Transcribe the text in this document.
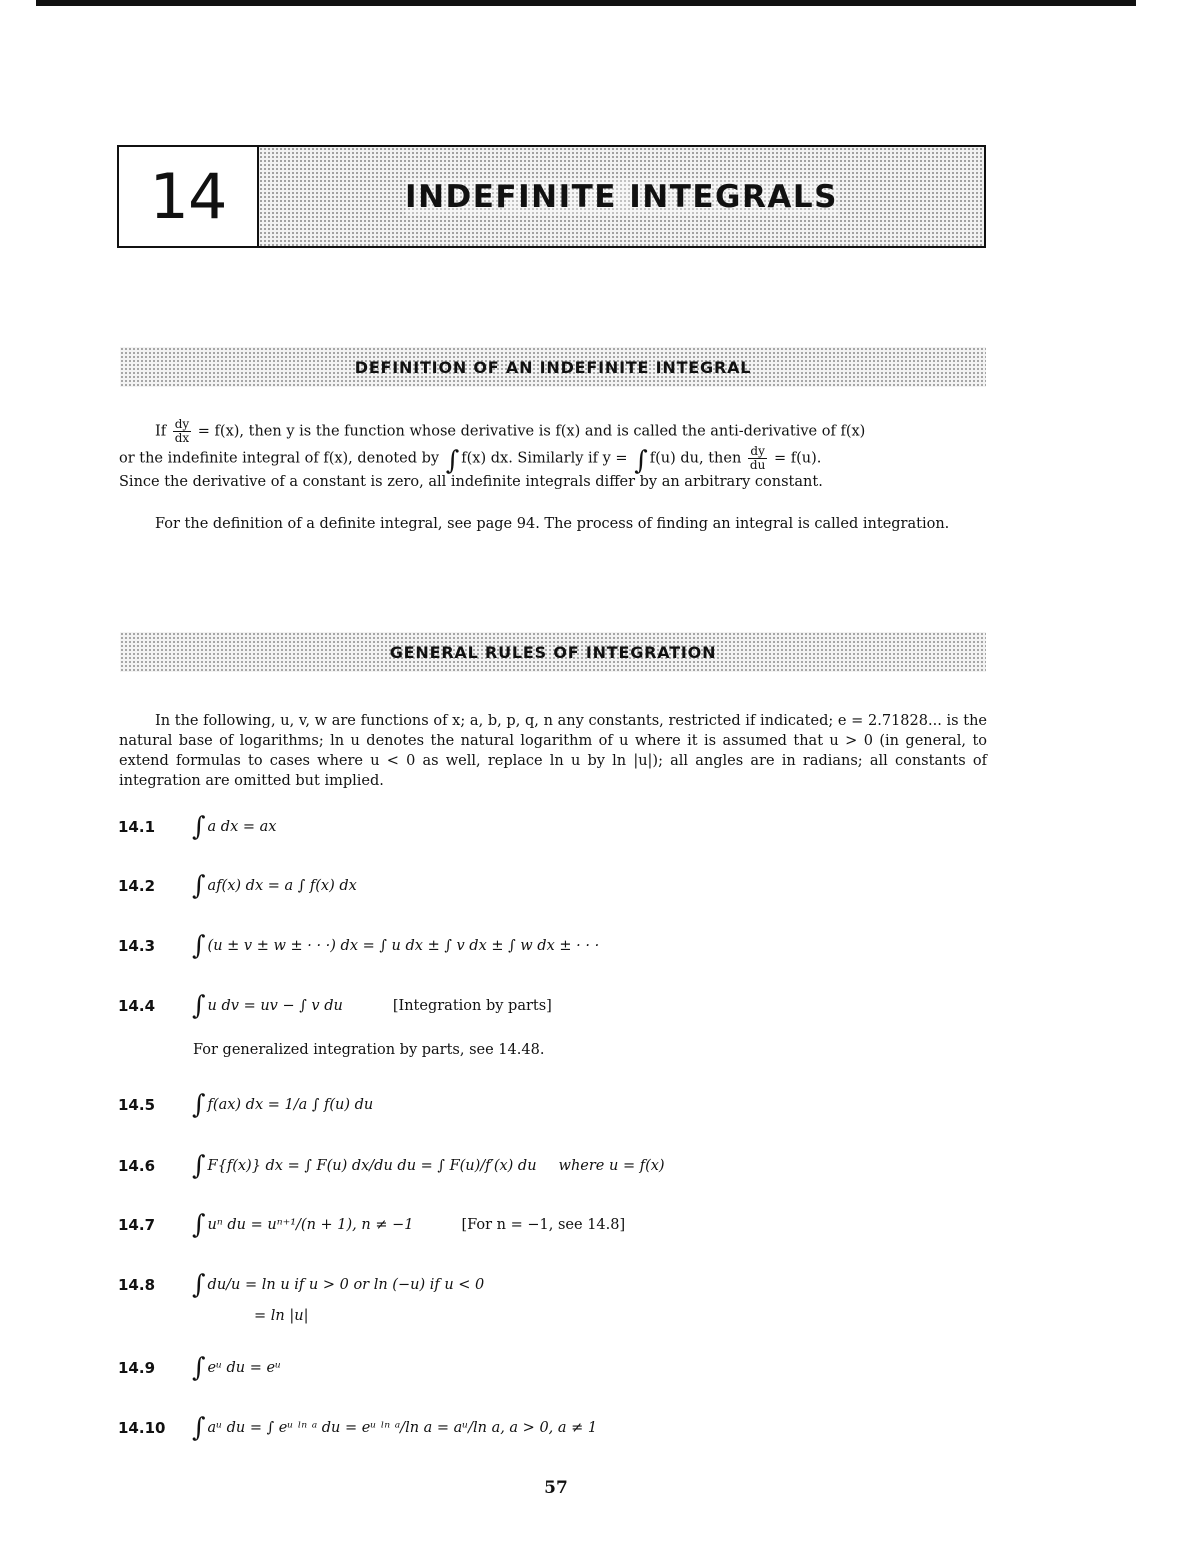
14	INDEFINITE INTEGRALS
DEFINITION OF AN INDEFINITE INTEGRAL
If $\frac{dy}{dx} = f(x)$, then y is the function whose derivative is f(x) and is called the anti-derivative of f(x)
or the indefinite integral of f(x), denoted by ∫ f(x) dx. Similarly if y = ∫ f(u) du, then $\frac{dy}{du} = f(u)$.
Since the derivative of a constant is zero, all indefinite integrals differ by an arbitrary constant.
For the definition of a definite integral, see page 94. The process of finding an integral is called integration.
GENERAL RULES OF INTEGRATION
In the following, u, v, w are functions of x; a, b, p, q, n any constants, restricted if indicated; e = 2.71828... is the natural base of logarithms; ln u denotes the natural logarithm of u where it is assumed that u > 0 (in general, to extend formulas to cases where u < 0 as well, replace ln u by ln |u|); all angles are in radians; all constants of integration are omitted but implied.
14.1	∫ a dx = ax
14.2	∫ af(x) dx = a ∫ f(x) dx
14.3	∫ (u ± v ± w ± · · ·) dx = ∫ u dx ± ∫ v dx ± ∫ w dx ± · · ·
14.4	∫ u dv = uv − ∫ v du	[Integration by parts]
For generalized integration by parts, see 14.48.
14.5	∫ f(ax) dx = 1/a ∫ f(u) du
14.6	∫ F{f(x)} dx = ∫ F(u) dx/du du = ∫ F(u)/f′(x) du where u = f(x)
14.7	∫ uⁿ du = uⁿ⁺¹/(n + 1), n ≠ −1	[For n = −1, see 14.8]
14.8	∫ du/u = ln u if u > 0 or ln (−u) if u < 0
= ln |u|
14.9	∫ eᵘ du = eᵘ
14.10	∫ aᵘ du = ∫ eᵘ ˡⁿ ᵃ du = eᵘ ˡⁿ ᵃ/ln a = aᵘ/ln a, a > 0, a ≠ 1
57
